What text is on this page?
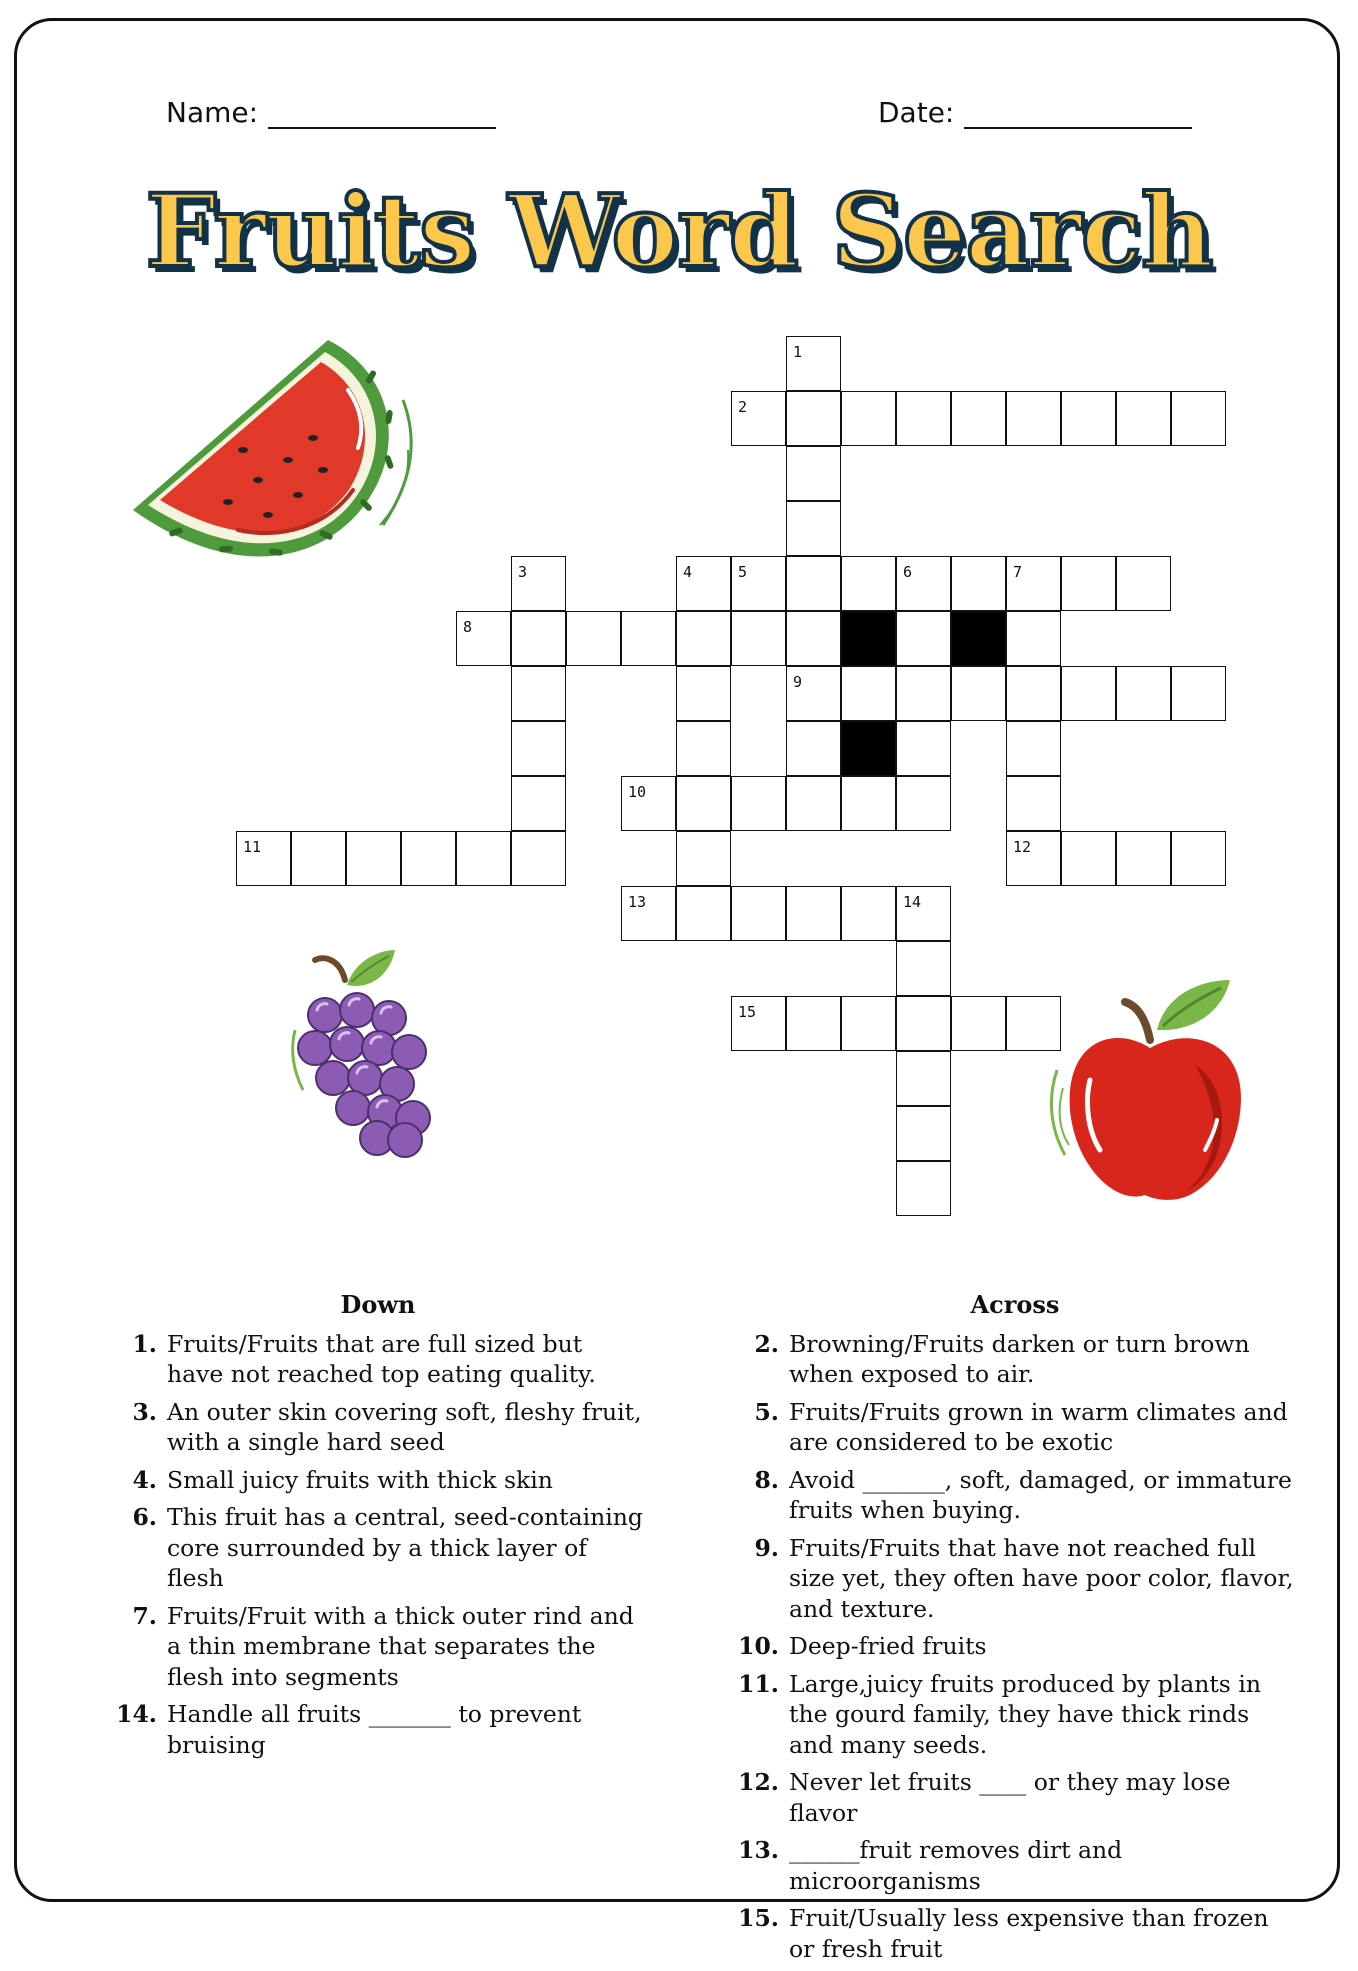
Name:	Date:
Fruits Word Search
1
2
3	4	5	6	7
8
9
10
11	12
13	14
15
Down
1. Fruits/Fruits that are full sized but have not reached top eating quality.
3. An outer skin covering soft, fleshy fruit, with a single hard seed
4. Small juicy fruits with thick skin
6. This fruit has a central, seed-containing core surrounded by a thick layer of flesh
7. Fruits/Fruit with a thick outer rind and a thin membrane that separates the flesh into segments
14. Handle all fruits _______ to prevent bruising
Across
2. Browning/Fruits darken or turn brown when exposed to air.
5. Fruits/Fruits grown in warm climates and are considered to be exotic
8. Avoid _______, soft, damaged, or immature fruits when buying.
9. Fruits/Fruits that have not reached full size yet, they often have poor color, flavor, and texture.
10. Deep-fried fruits
11. Large,juicy fruits produced by plants in the gourd family, they have thick rinds and many seeds.
12. Never let fruits ____ or they may lose flavor
13. ______fruit removes dirt and microorganisms
15. Fruit/Usually less expensive than frozen or fresh fruit
